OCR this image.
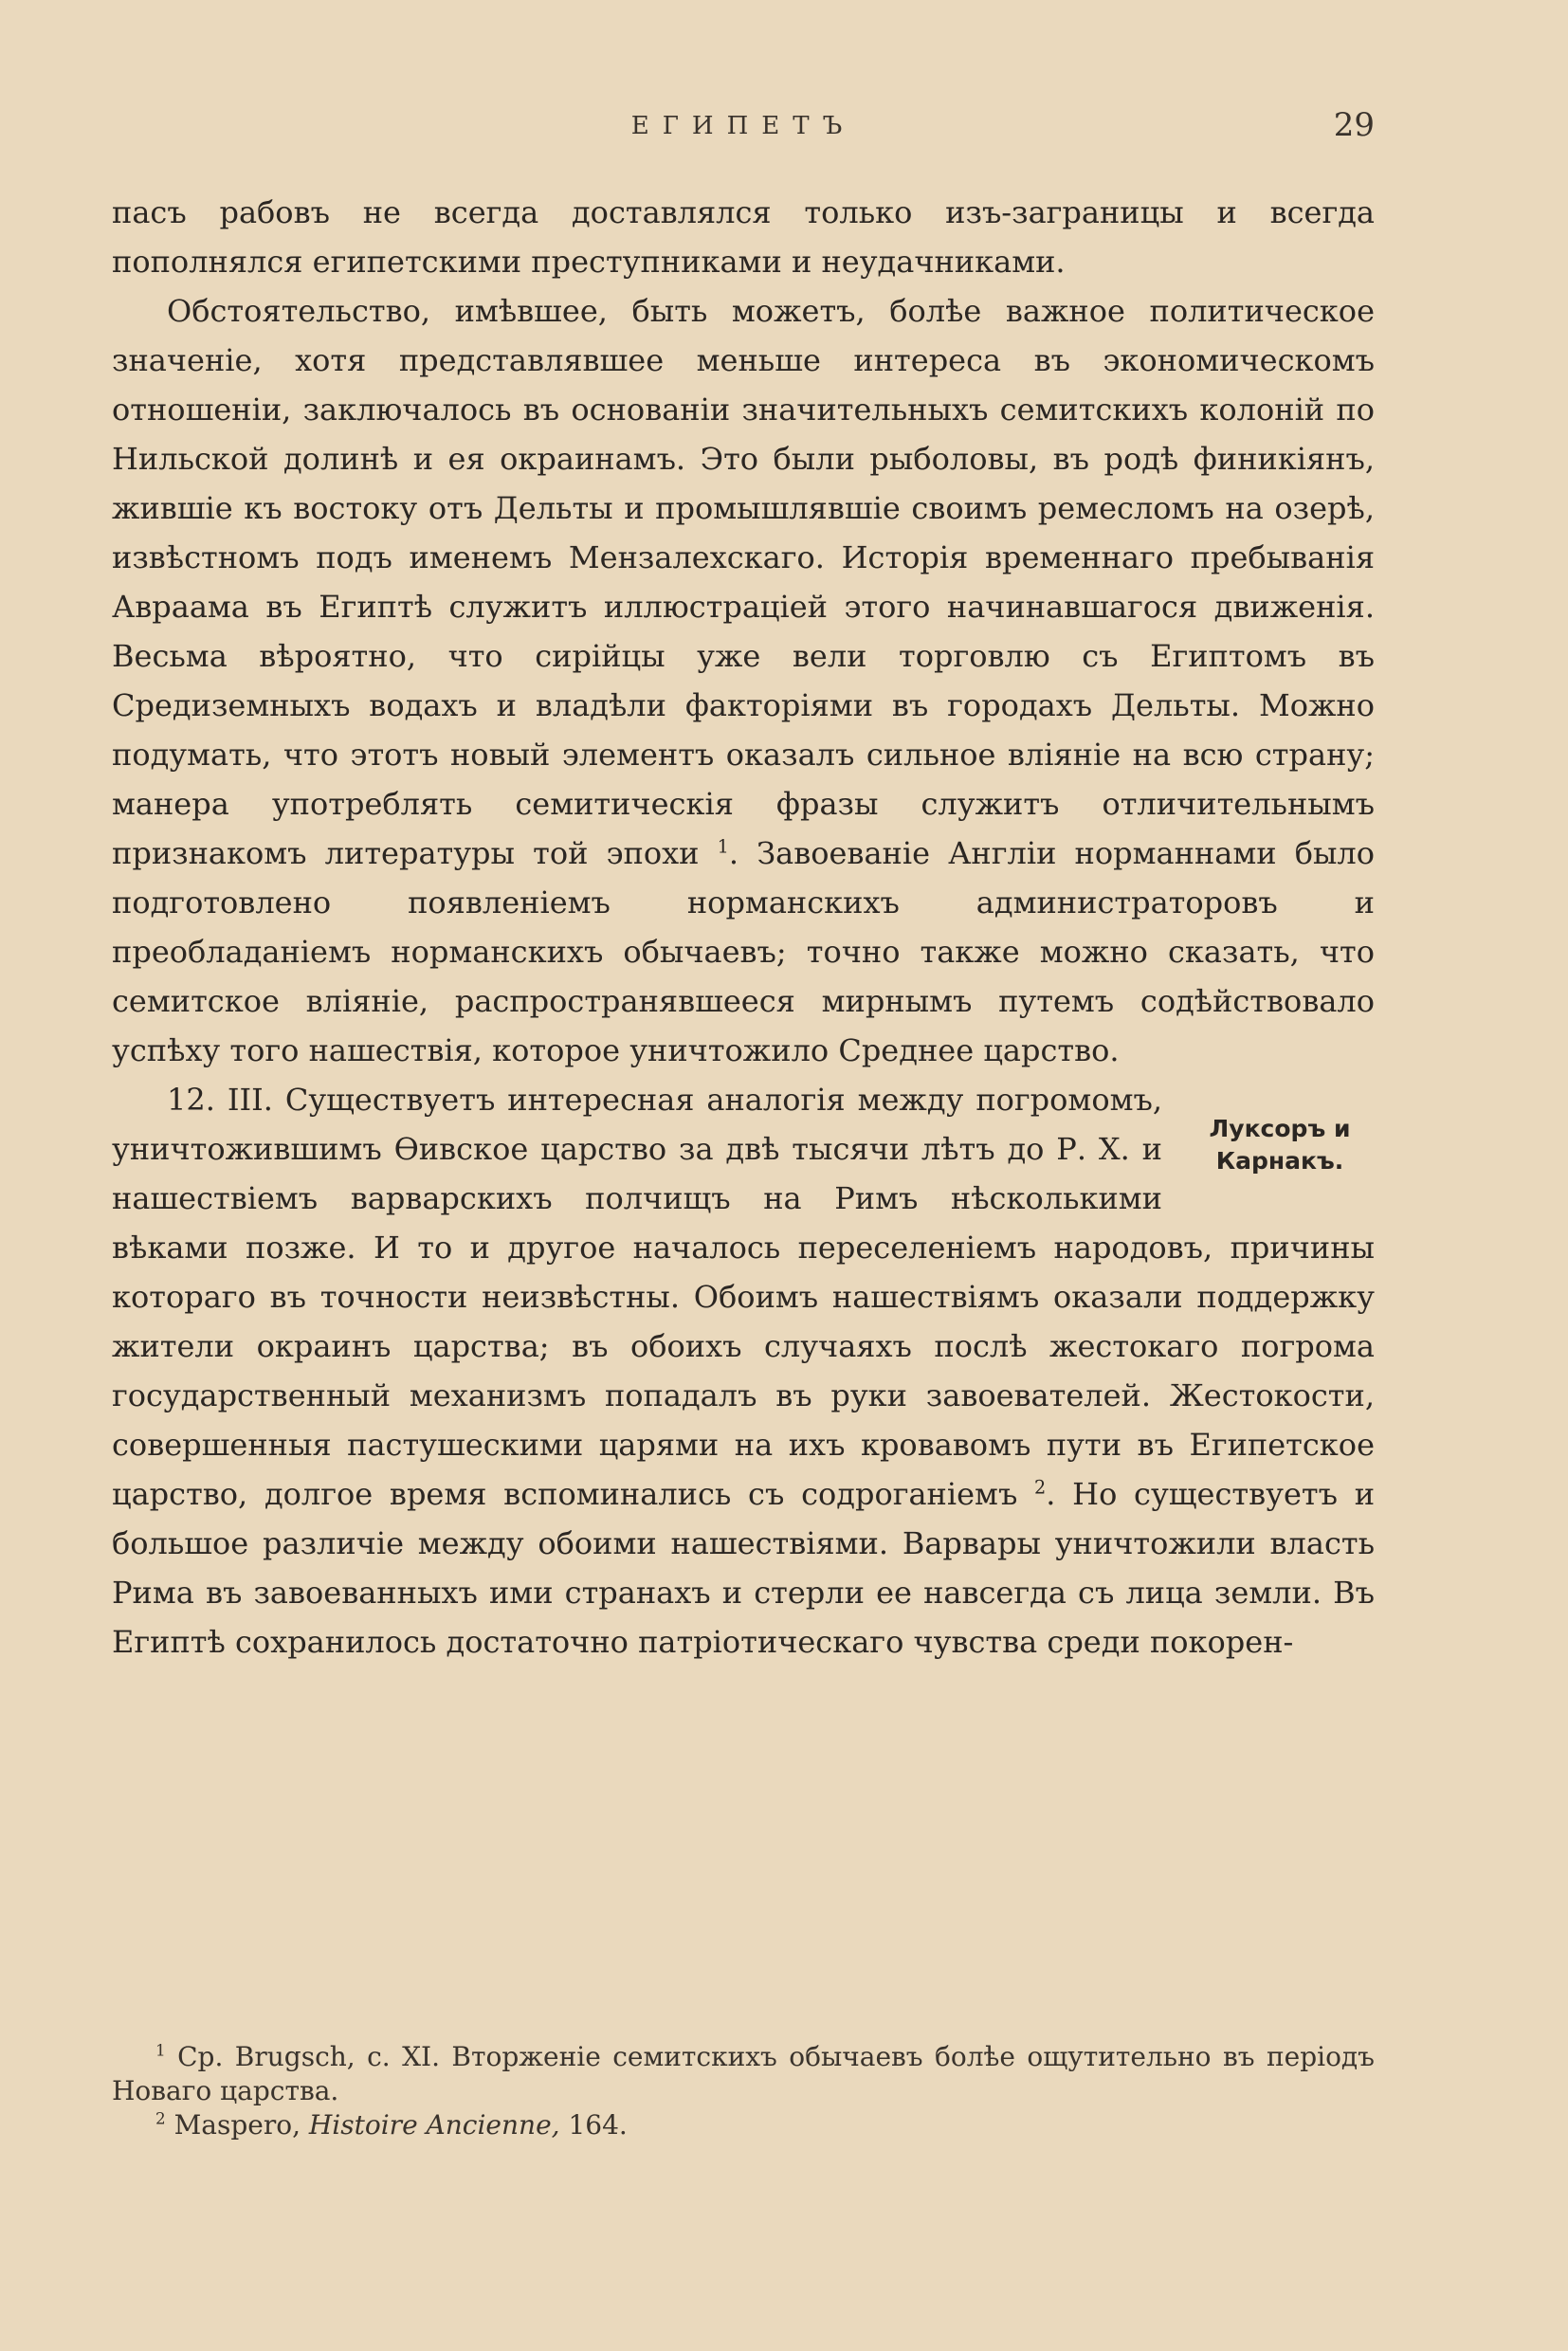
ЕГИПЕТЪ	29

пасъ рабовъ не всегда доставлялся только изъ-заграницы и всегда пополнялся египетскими преступниками и неудачниками.

Обстоятельство, имѣвшее, быть можетъ, болѣе важное политическое значеніе, хотя представлявшее меньше интереса въ экономическомъ отношеніи, заключалось въ основаніи значительныхъ семитскихъ колоній по Нильской долинѣ и ея окраинамъ. Это были рыболовы, въ родѣ финикіянъ, жившіе къ востоку отъ Дельты и промышлявшіе своимъ ремесломъ на озерѣ, извѣстномъ подъ именемъ Мензалехскаго. Исторія временнаго пребыванія Авраама въ Египтѣ служитъ иллюстраціей этого начинавшагося движенія. Весьма вѣроятно, что сирійцы уже вели торговлю съ Египтомъ въ Средиземныхъ водахъ и владѣли факторіями въ городахъ Дельты. Можно подумать, что этотъ новый элементъ оказалъ сильное вліяніе на всю страну; манера употреблять семитическія фразы служитъ отличительнымъ признакомъ литературы той эпохи $^1$. Завоеваніе Англіи норманнами было подготовлено появленіемъ норманскихъ администраторовъ и преобладаніемъ норманскихъ обычаевъ; точно также можно сказать, что семитское вліяніе, распространявшееся мирнымъ путемъ содѣйствовало успѣху того нашествія, которое уничтожило Среднее царство.

Луксоръ и
Карнакъ.

12. III. Существуетъ интересная аналогія между погромомъ, уничтожившимъ Ѳивское царство за двѣ тысячи лѣтъ до Р. Х. и нашествіемъ варварскихъ полчищъ на Римъ нѣсколькими вѣками позже. И то и другое началось переселеніемъ народовъ, причины котораго въ точности неизвѣстны. Обоимъ нашествіямъ оказали поддержку жители окраинъ царства; въ обоихъ случаяхъ послѣ жестокаго погрома государственный механизмъ попадалъ въ руки завоевателей. Жестокости, совершенныя пастушескими царями на ихъ кровавомъ пути въ Египетское царство, долгое время вспоминались съ содроганіемъ $^2$. Но существуетъ и большое различіе между обоими нашествіями. Варвары уничтожили власть Рима въ завоеванныхъ ими странахъ и стерли ее навсегда съ лица земли. Въ Египтѣ сохранилось достаточно патріотическаго чувства среди покорен-

$^1$ Ср. Brugsch, с. XI. Вторженіе семитскихъ обычаевъ болѣе ощутительно въ періодъ Новаго царства.

$^2$ Maspero, Histoire Ancienne, 164.
